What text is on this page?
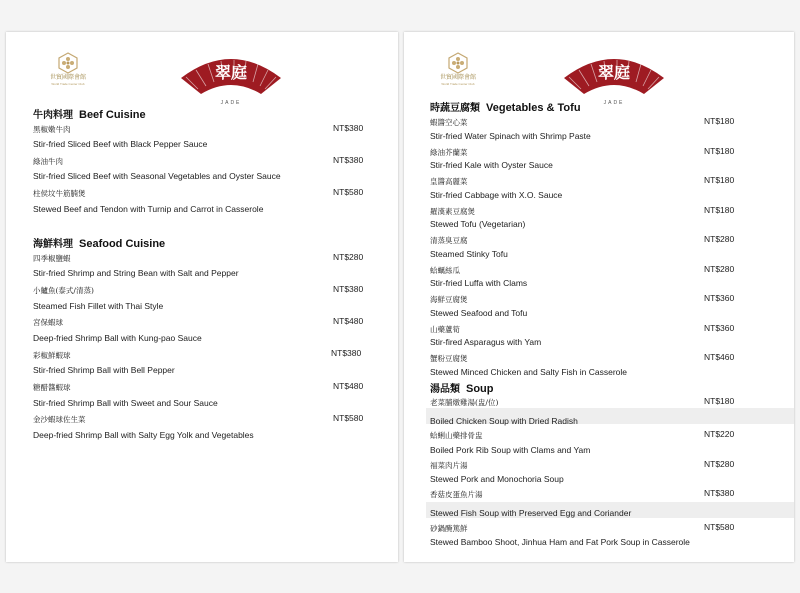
世貿國際會館
World Trade Center Club
翠庭
JADE
牛肉料理 Beef Cuisine
黑椒嫩牛肉	NT$380
Stir-fried Sliced Beef with Black Pepper Sauce
綠油牛肉	NT$380
Stir-fried Sliced Beef with Seasonal Vegetables and Oyster Sauce
柱侯坟牛筋腩煲	NT$580
Stewed Beef and Tendon with Turnip and Carrot in Casserole
海鮮料理 Seafood Cuisine
四季椒鹽蝦	NT$280
Stir-fried Shrimp and String Bean with Salt and Pepper
小鱸魚(泰式/清蒸)	NT$380
Steamed Fish Fillet with Thai Style
宮保蝦球	NT$480
Deep-fried Shrimp Ball with Kung-pao Sauce
彩椒鮮蝦球	NT$380
Stir-fried Shrimp Ball with Bell Pepper
糖醋醬蝦球	NT$480
Stir-fried Shrimp Ball with Sweet and Sour Sauce
金沙蝦球佐生菜	NT$580
Deep-fried Shrimp Ball with Salty Egg Yolk and Vegetables
世貿國際會館
World Trade Center Club
翠庭
JADE
時蔬豆腐類 Vegetables & Tofu
蝦醬空心菜	NT$180
Stir-fried Water Spinach with Shrimp Paste
綠油芥蘭菜	NT$180
Stir-fried Kale with Oyster Sauce
皇醬高麗菜	NT$180
Stir-fried Cabbage with X.O. Sauce
羅漢素豆腐煲	NT$180
Stewed Tofu (Vegetarian)
清蒸臭豆腐	NT$280
Steamed Stinky Tofu
蛤蠣絲瓜	NT$280
Stir-fried Luffa with Clams
海鮮豆腐煲	NT$360
Stewed Seafood and Tofu
山藥蘆筍	NT$360
Stir-fired Asparagus with Yam
蟹粉豆腐煲	NT$460
Stewed Minced Chicken and Salty Fish in Casserole
湯品類 Soup
老菜脯燉雞湯(盅/位)	NT$180
Boiled Chicken Soup with Dried Radish
蛤蜊山藥排骨盅	NT$220
Boiled Pork Rib Soup with Clams and Yam
福菜肉片湯	NT$280
Stewed Pork and Monochoria Soup
香菇皮蛋魚片湯	NT$380
Stewed Fish Soup with Preserved Egg and Coriander
砂鍋醃篤鮮	NT$580
Stewed Bamboo Shoot, Jinhua Ham and Fat Pork Soup in Casserole
